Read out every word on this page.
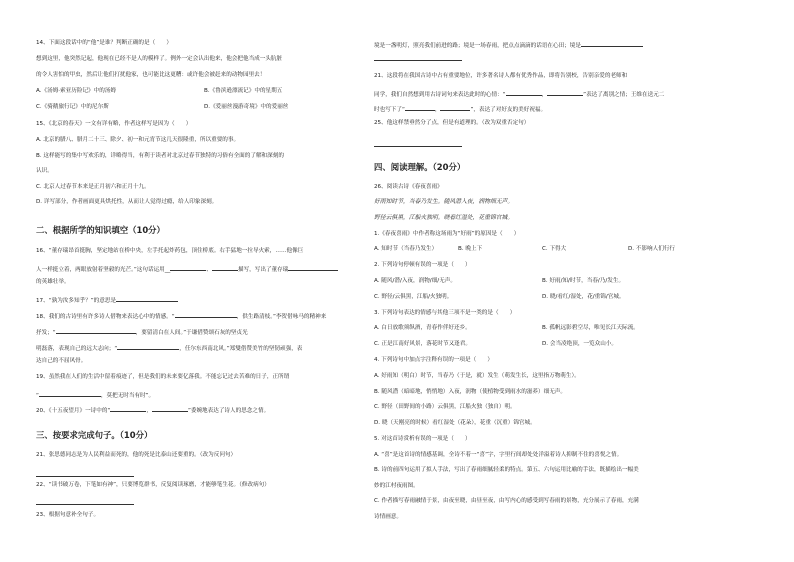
14、下面这段话中的“他”是谁？判断正确的是（　　）
想到这里，他突然记起，他现在已经不是人的模样了。例外一定会认出他来，他会把他当成一头肮脏
的令人害怕的甲虫，然后让他们打扰他家，也可能比这更糟：或许他会被赶来的动物园里去！
A.《汤姆·索亚历险记》中的汤姆	B.《鲁滨逊漂流记》中的星期五
C.《骑鹅旅行记》中的尼尔斯	D.《爱丽丝漫游奇境》中的爱丽丝
15、《北京的春天》一文有详有略，作者这样写是因为（　　）
A. 北京的腊八、腊月二十三、除夕、初一和元宵节这几天很隆重，所以重要的事。
B. 这样能写的集中写欢乐的，详略得当，有利于读者对北京过春节独特的习俗有全面的了解和深刻的
认识。
C. 北京人过春节本来是正月初六和正月十九。
D. 详写部分，作者画面更具烘托性，从而让人觉得过瘾，给人印象深刻。
二、根据所学的知识填空（10分）
16、“董存瑞昂首挺胸，坚定地站在桥中央，左手托起炸药包，顶住桥底。右手猛地一拉导火索，……他像巨
人一样挺立着，两眼放射着坚毅的光芒。”这句话运用__	、	描写，写出了董存瑞
的英雄壮举。
17、“孰为汝多知乎？”的意思是
18、我们的古诗里有许多诗人借物来表达心中的情感。“	，供生路清枝。”李贺借咏马的精神来
抒发；“	，要留清白在人间。”于谦借赞颂石灰的坚贞光
明磊落，表现自己的远大志向；“	，任尔东西南北风。”郑燮借赞美竹的坚韧顽强，表
达自己的不屈风骨。
19、虽然我在人们的生活中留着痕迹了，但是我们的未来要亿落我。不能忘记过去苦难的日子，正所谓
“	，莫把无时当有时”。
20、《十五夜望月》一诗中的“	，	”委婉地表达了诗人的思念之情。
三、按要求完成句子。（10分）
21、张思德同志是为人民利益而死的，他的死是比泰山还要重的。（改为反问句）
22、“读书破万卷，下笔如有神”，只要博览群书，反复阅读琢磨，才能够笔生花。（修改病句）
23、根据句意补全句子。
境是一盏明灯，照亮我们前进的路；境是一场春雨，把点点滴滴的话语在心田；境是
21、这段将在我国古诗中占有重要地位，许多著名诗人都有优秀作品，即将告别校，告别亲爱的老师和
同学，我们自然想到用古诗词句来表达此时的心情：“	，	”表达了离别之情；王维在送元二
时也写下了“	，	”，表达了对好友的美好祝福。
25、他这样禁垂然分了点，但是有道理的。（改为双重否定句）
四、阅读理解。（20分）
26、阅读古诗《春夜喜雨》
好雨知时节，当春乃发生。随风潜入夜，润物细无声。
野径云俱黑，江船火独明。晓看红湿处，花重锦官城。
1.《春夜喜雨》中作者称这场雨为“好雨”的原因是（　　）
A. 知时节（当春乃发生）	B. 晚上下	C. 下得大	D. 不影响人们行行
2. 下列诗句停顿有误的一项是（　　）
A. 随风/潜/入夜，润物/细/无声。	B. 好雨/知/时节，当春/乃/发生。
C. 野径/云俱黑，江船/火独明。	D. 晓/看红/湿处，花/重锦/官城。
3. 下列诗句表达的情感与其他三项不是一类的是（　　）
A. 白日放歌须纵酒，青春作伴好还乡。	B. 孤帆远影碧空尽，唯见长江天际流。
C. 正是江南好风景，落花时节又逢君。	D. 会当凌绝顶，一览众山小。
4. 下列诗句中加点字注释有误的一项是（　　）
A. 好雨知（明白）时节，当春乃（于是，就）发生（萌发生长，这里指万物萌生）。
B. 随风潜（暗暗地，悄悄地）入夜，润物（使植物受到雨水的滋养）细无声。
C. 野径（田野间的小路）云俱黑，江船火独（独自）明。
D. 晓（天刚亮的时候）看红湿处（花朵），花重（沉重）锦官城。
5. 对这首诗赏析有误的一项是（　　）
A. “喜”是这首诗的情感基调，全诗不着一“喜”字，字里行间却处处洋溢着诗人抑制不住的喜悦之情。
B. 诗的前四句运用了拟人手法，写出了春雨细腻轻柔的特点。第五、六句运用比喻的手法，既描绘出一幅美
妙的江村夜雨图。
C. 作者描写春雨融情于景，由夜至晓，由昼至夜，由写内心的感受到写春雨的景物，充分展示了春雨，充满
诗情画意。
